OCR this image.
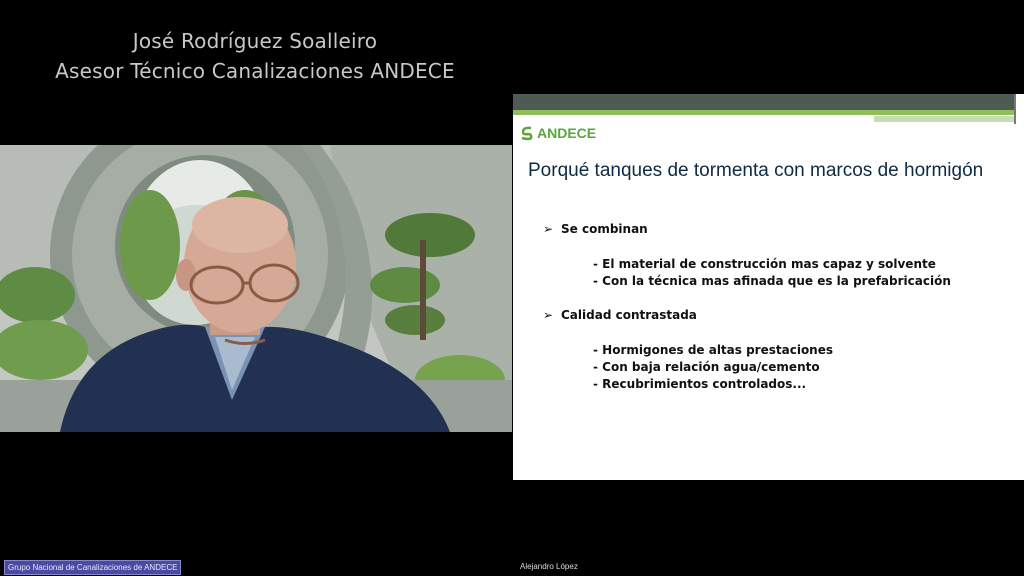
José Rodríguez Soalleiro
Asesor Técnico Canalizaciones ANDECE
ANDECE
Porqué tanques de tormenta con marcos de hormigón
➢ Se combinan
- El material de construcción mas capaz y solvente
- Con la técnica mas afinada que es la prefabricación
➢ Calidad contrastada
- Hormigones de altas prestaciones
- Con baja relación agua/cemento
- Recubrimientos controlados...
Grupo Nacional de Canalizaciones de ANDECE	Alejandro López
